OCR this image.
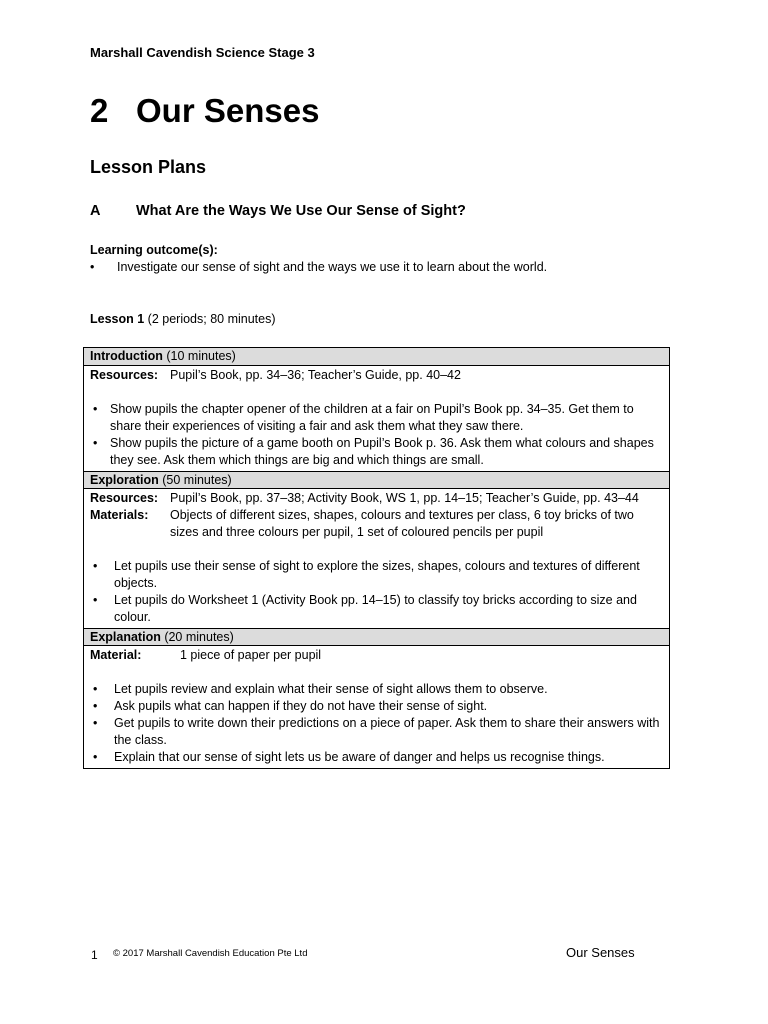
Marshall Cavendish Science Stage 3
2 Our Senses
Lesson Plans
A What Are the Ways We Use Our Sense of Sight?
Learning outcome(s):
• Investigate our sense of sight and the ways we use it to learn about the world.
Lesson 1 (2 periods; 80 minutes)
Introduction (10 minutes)
Resources: Pupil’s Book, pp. 34–36; Teacher’s Guide, pp. 40–42
• Show pupils the chapter opener of the children at a fair on Pupil’s Book pp. 34–35. Get them to share their experiences of visiting a fair and ask them what they saw there.
• Show pupils the picture of a game booth on Pupil’s Book p. 36. Ask them what colours and shapes they see. Ask them which things are big and which things are small.
Exploration (50 minutes)
Resources: Pupil’s Book, pp. 37–38; Activity Book, WS 1, pp. 14–15; Teacher’s Guide, pp. 43–44
Materials:	Objects of different sizes, shapes, colours and textures per class, 6 toy bricks of two sizes and three colours per pupil, 1 set of coloured pencils per pupil
• Let pupils use their sense of sight to explore the sizes, shapes, colours and textures of different objects.
• Let pupils do Worksheet 1 (Activity Book pp. 14–15) to classify toy bricks according to size and colour.
Explanation (20 minutes)
Material:	1 piece of paper per pupil
• Let pupils review and explain what their sense of sight allows them to observe.
• Ask pupils what can happen if they do not have their sense of sight.
• Get pupils to write down their predictions on a piece of paper. Ask them to share their answers with the class.
• Explain that our sense of sight lets us be aware of danger and helps us recognise things.
1 © 2017 Marshall Cavendish Education Pte Ltd	Our Senses
